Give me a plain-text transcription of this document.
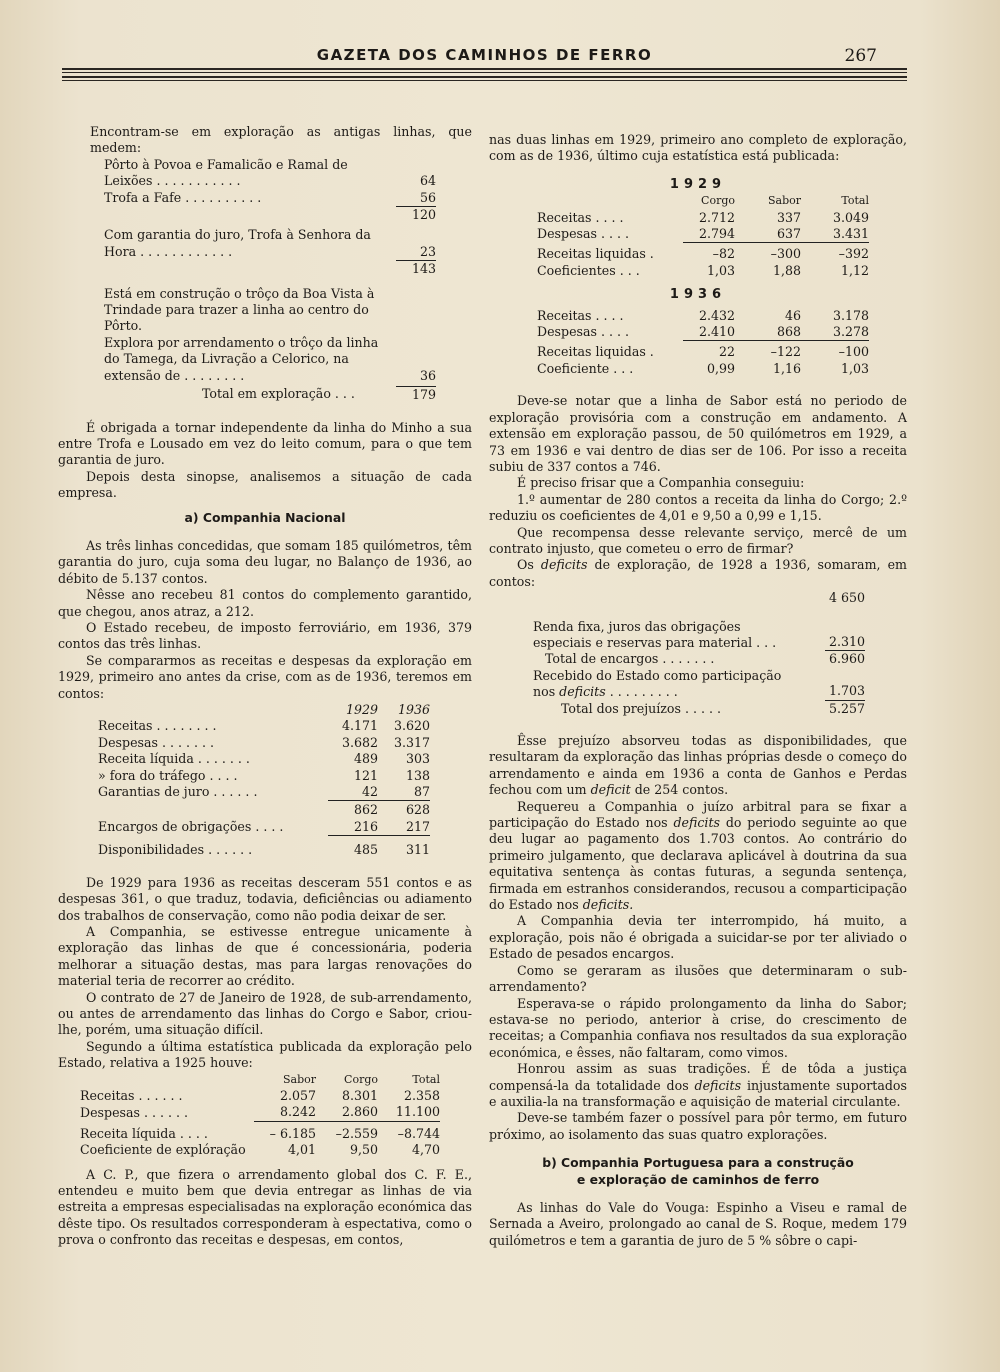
GAZETA DOS CAMINHOS DE FERRO	267

Encontram-se em exploração as antigas linhas, que medem:

Pôrto à Povoa e Famalicão e Ramal de Leixões . . . . . . . . . . .	64
Trofa a Fafe . . . . . . . . . .	56
120
Com garantia do juro, Trofa à Senhora da Hora . . . . . . . . . . . .	23
143
Está em construção o trôço da Boa Vista à Trindade para trazer a linha ao centro do Pôrto.
Explora por arrendamento o trôço da linha do Tamega, da Livração a Celorico, na extensão de . . . . . . . .	36
Total em exploração . . .	179

É obrigada a tornar independente da linha do Minho a sua entre Trofa e Lousado em vez do leito comum, para o que tem garantia de juro.

Depois desta sinopse, analisemos a situação de cada empresa.

a) Companhia Nacional

As três linhas concedidas, que somam 185 quilómetros, têm garantia do juro, cuja soma deu lugar, no Balanço de 1936, ao débito de 5.137 contos.

Nêsse ano recebeu 81 contos do complemento garantido, que chegou, anos atraz, a 212.

O Estado recebeu, de imposto ferroviário, em 1936, 379 contos das três linhas.

Se compararmos as receitas e despesas da exploração em 1929, primeiro ano antes da crise, com as de 1936, teremos em contos:

	1929	1936
Receitas . . . . . . . .	4.171	3.620
Despesas . . . . . . .	3.682	3.317
Receita líquida . . . . . . .	489	303
» fora do tráfego . . . .	121	138
Garantias de juro . . . . . .	42	87
	862	628
Encargos de obrigações . . . .	216	217
Disponibilidades . . . . . .	485	311

De 1929 para 1936 as receitas desceram 551 contos e as despesas 361, o que traduz, todavia, deficiências ou adiamento dos trabalhos de conservação, como não podia deixar de ser.

A Companhia, se estivesse entregue unicamente à exploração das linhas de que é concessionária, poderia melhorar a situação destas, mas para largas renovações do material teria de recorrer ao crédito.

O contrato de 27 de Janeiro de 1928, de sub-arrendamento, ou antes de arrendamento das linhas do Corgo e Sabor, criou-lhe, porém, uma situação difícil.

Segundo a última estatística publicada da exploração pelo Estado, relativa a 1925 houve:

	Sabor	Corgo	Total
Receitas . . . . . .	2.057	8.301	2.358
Despesas . . . . . .	8.242	2.860	11.100
Receita líquida . . . .	– 6.185	–2.559	–8.744
Coeficiente de explóração	4,01	9,50	4,70

A C. P., que fizera o arrendamento global dos C. F. E., entendeu e muito bem que devia entregar as linhas de via estreita a empresas especialisadas na exploração económica das dêste tipo. Os resultados corresponderam à espectativa, como o prova o confronto das receitas e despesas, em contos,

nas duas linhas em 1929, primeiro ano completo de exploração, com as de 1936, último cuja estatística está publicada:

1929
	Corgo	Sabor	Total
Receitas . . . .	2.712	337	3.049
Despesas . . . .	2.794	637	3.431
Receitas liquidas .	–82	–300	–392
Coeficientes . . .	1,03	1,88	1,12
1936
Receitas . . . .	2.432	46	3.178
Despesas . . . .	2.410	868	3.278
Receitas liquidas .	22	–122	–100
Coeficiente . . .	0,99	1,16	1,03

Deve-se notar que a linha de Sabor está no periodo de exploração provisória com a construção em andamento. A extensão em exploração passou, de 50 quilómetros em 1929, a 73 em 1936 e vai dentro de dias ser de 106. Por isso a receita subiu de 337 contos a 746.

É preciso frisar que a Companhia conseguiu:

1.º aumentar de 280 contos a receita da linha do Corgo; 2.º reduziu os coeficientes de 4,01 e 9,50 a 0,99 e 1,15.

Que recompensa desse relevante serviço, mercê de um contrato injusto, que cometeu o erro de firmar?

Os deficits de exploração, de 1928 a 1936, somaram, em contos:

4 650
Renda fixa, juros das obrigações especiais e reservas para material . . .	2.310
Total de encargos . . . . . . .	6.960
Recebido do Estado como participação nos deficits . . . . . . . . .	1.703
Total dos prejuízos . . . . .	5.257

Êsse prejuízo absorveu todas as disponibilidades, que resultaram da exploração das linhas próprias desde o começo do arrendamento e ainda em 1936 a conta de Ganhos e Perdas fechou com um deficit de 254 contos.

Requereu a Companhia o juízo arbitral para se fixar a participação do Estado nos deficits do periodo seguinte ao que deu lugar ao pagamento dos 1.703 contos. Ao contrário do primeiro julgamento, que declarava aplicável à doutrina da sua equitativa sentença às contas futuras, a segunda sentença, firmada em estranhos considerandos, recusou a comparticipação do Estado nos deficits.

A Companhia devia ter interrompido, há muito, a exploração, pois não é obrigada a suicidar-se por ter aliviado o Estado de pesados encargos.

Como se geraram as ilusões que determinaram o sub-arrendamento?

Esperava-se o rápido prolongamento da linha do Sabor; estava-se no periodo, anterior à crise, do crescimento de receitas; a Companhia confiava nos resultados da sua exploração económica, e êsses, não faltaram, como vimos.

Honrou assim as suas tradições. É de tôda a justiça compensá-la da totalidade dos deficits injustamente suportados e auxilia-la na transformação e aquisição de material circulante.

Deve-se também fazer o possível para pôr termo, em futuro próximo, ao isolamento das suas quatro explorações.

b) Companhia Portuguesa para a construção
e exploração de caminhos de ferro

As linhas do Vale do Vouga: Espinho a Viseu e ramal de Sernada a Aveiro, prolongado ao canal de S. Roque, medem 179 quilómetros e tem a garantia de juro de 5 % sôbre o capi-
